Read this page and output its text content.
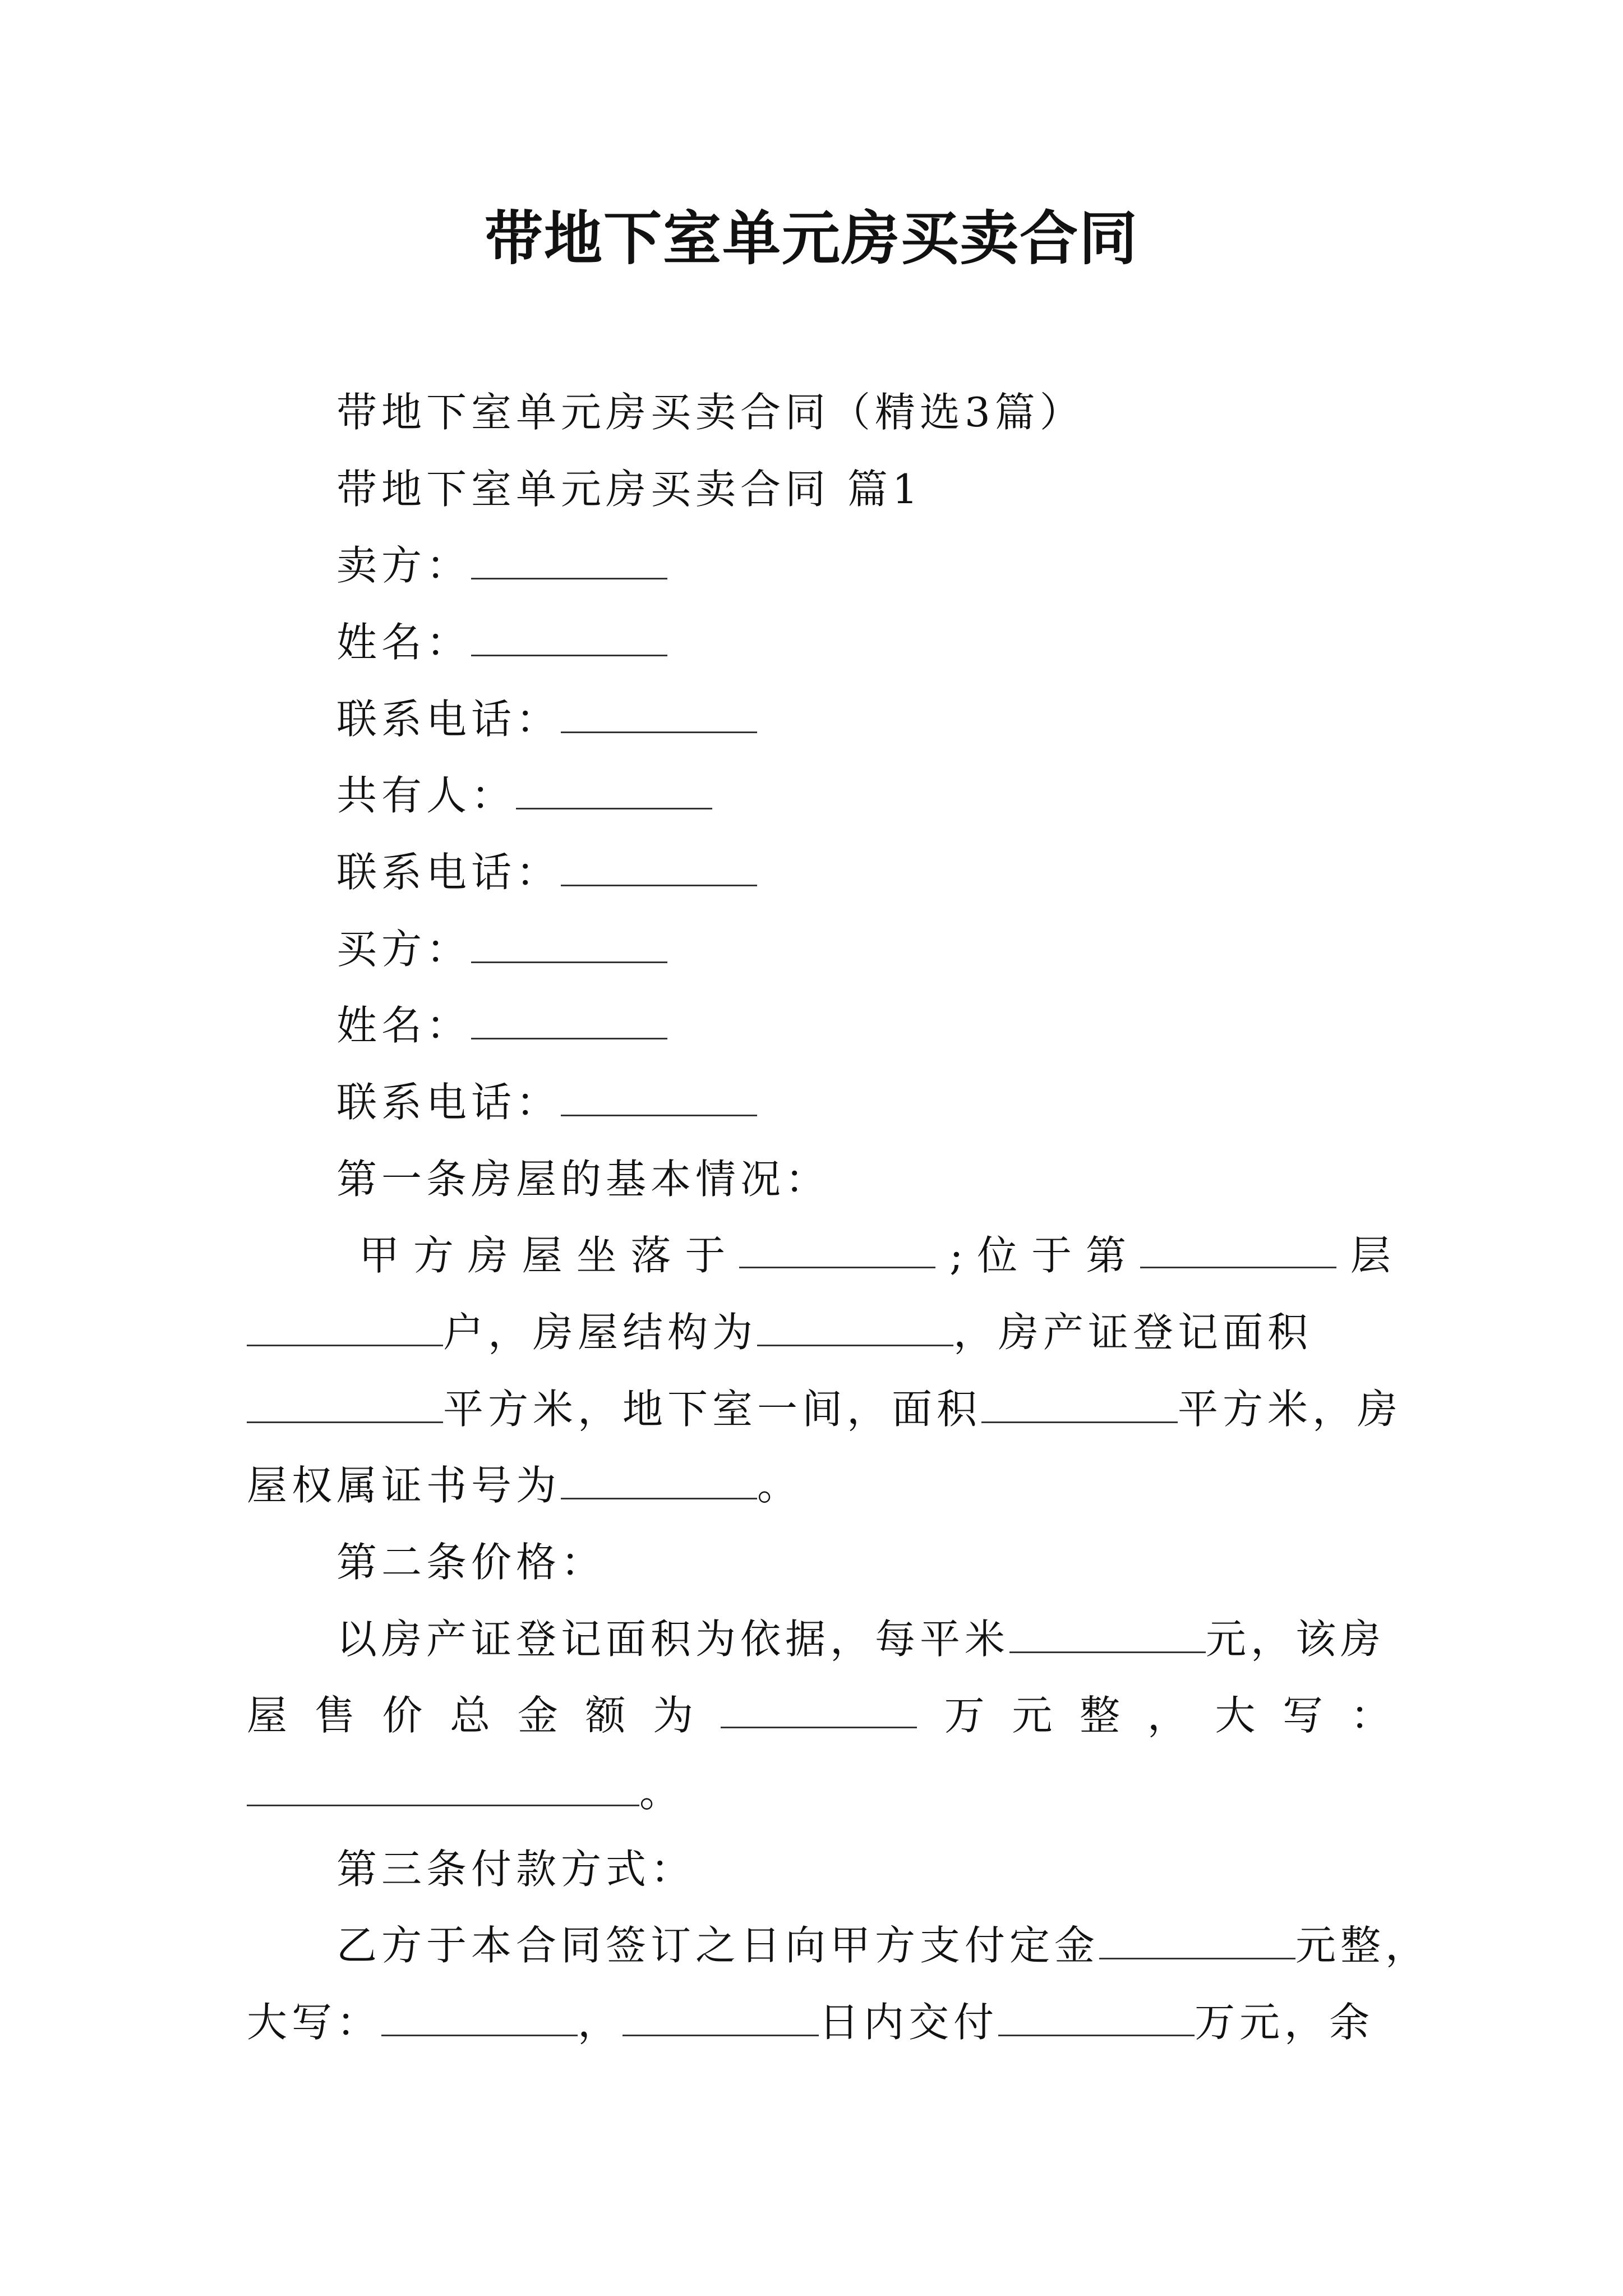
带地下室单元房买卖合同
带地下室单元房买卖合同（精选3篇）
带地下室单元房买卖合同 篇1
卖方：
姓名：
联系电话：
共有人：
联系电话：
买方：
姓名：
联系电话：
第一条房屋的基本情况：
甲 方 房 屋 坐 落 于	; 位 于 第	层
户，房屋结构为	，房产证登记面积
平方米，地下室一间，面积	平方米，房
屋权属证书号为	。
第二条价格：
以房产证登记面积为依据，每平米	元，该房
屋 售 价 总 金 额 为	万 元 整 ， 大 写 ：
。
第三条付款方式：
乙方于本合同签订之日向甲方支付定金	元整，
大写：	，	日内交付	万元，余
